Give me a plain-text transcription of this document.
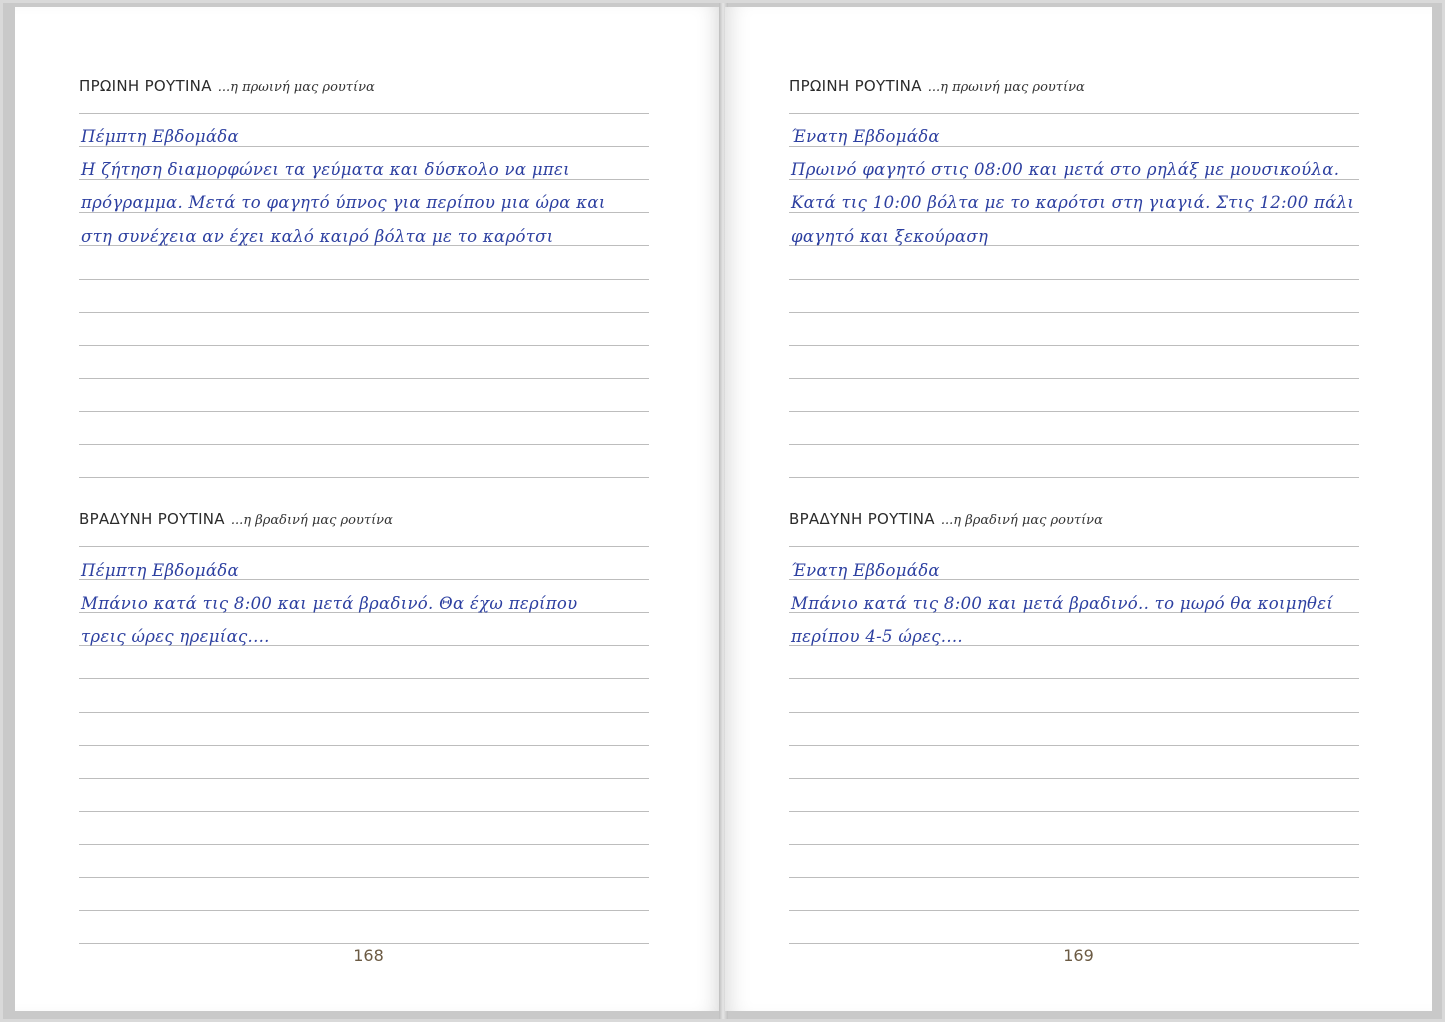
ΠΡΩΙΝΗ ΡΟΥΤΙΝΑ ...η πρωινή μας ρουτίνα
Πέμπτη Εβδομάδα
Η ζήτηση διαμορφώνει τα γεύματα και δύσκολο να μπει
πρόγραμμα. Μετά το φαγητό ύπνος για περίπου μια ώρα και
στη συνέχεια αν έχει καλό καιρό βόλτα με το καρότσι
ΒΡΑΔΥΝΗ ΡΟΥΤΙΝΑ ...η βραδινή μας ρουτίνα
Πέμπτη Εβδομάδα
Μπάνιο κατά τις 8:00 και μετά βραδινό. Θα έχω περίπου
τρεις ώρες ηρεμίας....
168
ΠΡΩΙΝΗ ΡΟΥΤΙΝΑ ...η πρωινή μας ρουτίνα
Ένατη Εβδομάδα
Πρωινό φαγητό στις 08:00 και μετά στο ρηλάξ με μουσικούλα.
Κατά τις 10:00 βόλτα με το καρότσι στη γιαγιά. Στις 12:00 πάλι
φαγητό και ξεκούραση
ΒΡΑΔΥΝΗ ΡΟΥΤΙΝΑ ...η βραδινή μας ρουτίνα
Ένατη Εβδομάδα
Μπάνιο κατά τις 8:00 και μετά βραδινό.. το μωρό θα κοιμηθεί
περίπου 4-5 ώρες....
169
